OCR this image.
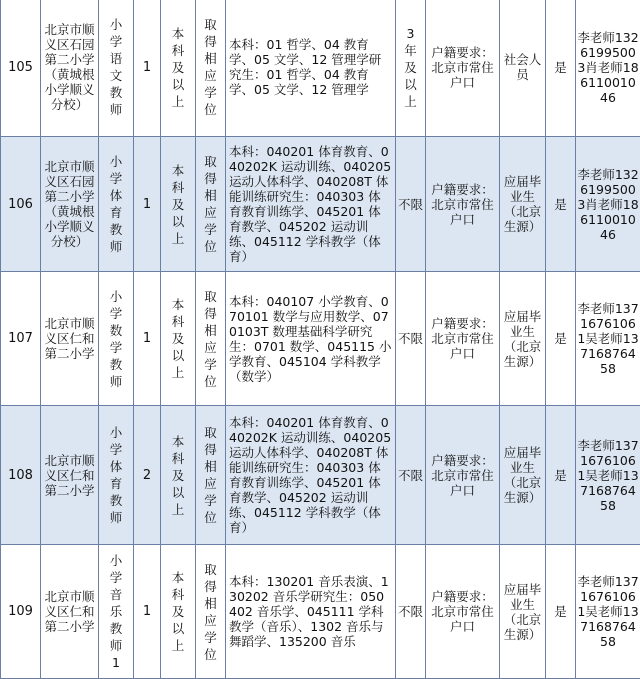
105	北京市顺义区石园第二小学（黄城根小学顺义分校）	小学语文教师	1	本科及以上	取得相应学位	本科：01 哲学、04 教育学、05 文学、12 管理学研究生：01 哲学、04 教育学、05 文学、12 管理学	3年及以上	户籍要求：北京市常住户口	社会人员	是	李老师13261995003肖老师18611001046
106	北京市顺义区石园第二小学（黄城根小学顺义分校）	小学体育教师	1	本科及以上	取得相应学位	本科：040201 体育教育、040202K 运动训练、040205 运动人体科学、040208T 体能训练研究生：040303 体育教育训练学、045201 体育教学、045202 运动训练、045112 学科教学（体育）	不限	户籍要求：北京市常住户口	应届毕业生（北京生源）	是	李老师13261995003肖老师18611001046
107	北京市顺义区仁和第二小学	小学数学教师	1	本科及以上	取得相应学位	本科：040107 小学教育、070101 数学与应用数学、070103T 数理基础科学研究生：0701 数学、045115 小学教育、045104 学科教学（数学）	不限	户籍要求：北京市常住户口	应届毕业生（北京生源）	是	李老师13716761061吴老师13716876458
108	北京市顺义区仁和第二小学	小学体育教师	2	本科及以上	取得相应学位	本科：040201 体育教育、040202K 运动训练、040205 运动人体科学、040208T 体能训练研究生：040303 体育教育训练学、045201 体育教学、045202 运动训练、045112 学科教学（体育）	不限	户籍要求：北京市常住户口	应届毕业生（北京生源）	是	李老师13716761061吴老师13716876458
109	北京市顺义区仁和第二小学	小学音乐教师1	1	本科及以上	取得相应学位	本科：130201 音乐表演、130202 音乐学研究生：050402 音乐学、045111 学科教学（音乐）、1302 音乐与舞蹈学、135200 音乐	不限	户籍要求：北京市常住户口	应届毕业生（北京生源）	是	李老师13716761061吴老师13716876458
